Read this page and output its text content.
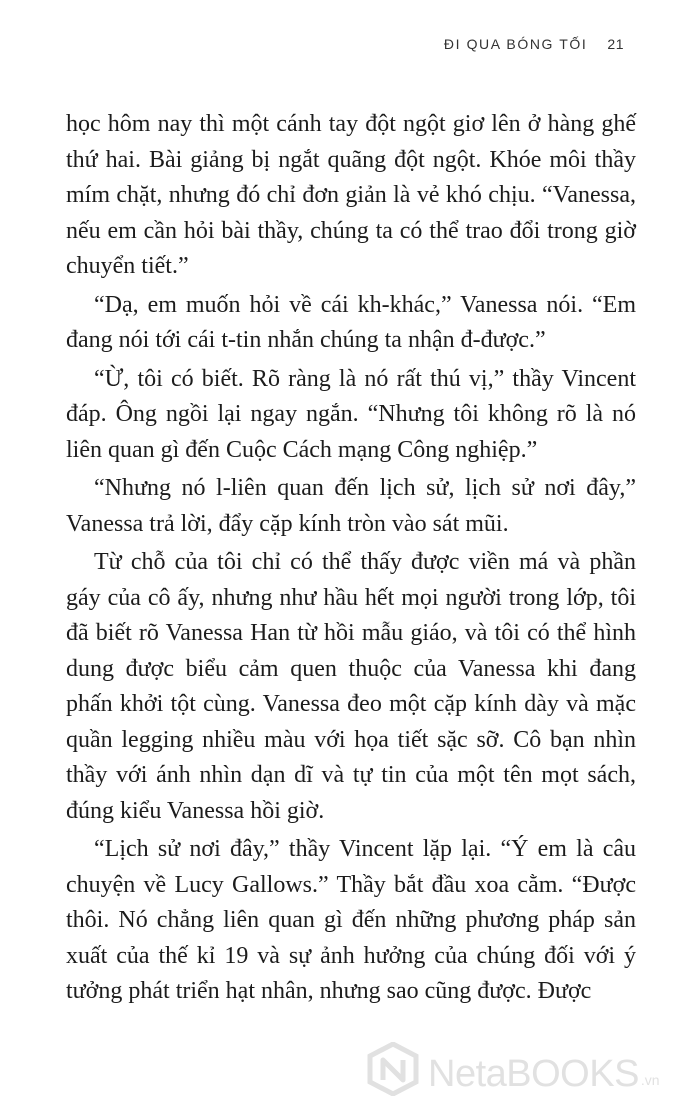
ĐI QUA BÓNG TỐI 21

học hôm nay thì một cánh tay đột ngột giơ lên ở hàng ghế thứ hai. Bài giảng bị ngắt quãng đột ngột. Khóe môi thầy mím chặt, nhưng đó chỉ đơn giản là vẻ khó chịu. “Vanessa, nếu em cần hỏi bài thầy, chúng ta có thể trao đổi trong giờ chuyển tiết.”

“Dạ, em muốn hỏi về cái kh-khác,” Vanessa nói. “Em đang nói tới cái t-tin nhắn chúng ta nhận đ-được.”

“Ừ, tôi có biết. Rõ ràng là nó rất thú vị,” thầy Vincent đáp. Ông ngồi lại ngay ngắn. “Nhưng tôi không rõ là nó liên quan gì đến Cuộc Cách mạng Công nghiệp.”

“Nhưng nó l-liên quan đến lịch sử, lịch sử nơi đây,” Vanessa trả lời, đẩy cặp kính tròn vào sát mũi.

Từ chỗ của tôi chỉ có thể thấy được viền má và phần gáy của cô ấy, nhưng như hầu hết mọi người trong lớp, tôi đã biết rõ Vanessa Han từ hồi mẫu giáo, và tôi có thể hình dung được biểu cảm quen thuộc của Vanessa khi đang phấn khởi tột cùng. Vanessa đeo một cặp kính dày và mặc quần legging nhiều màu với họa tiết sặc sỡ. Cô bạn nhìn thầy với ánh nhìn dạn dĩ và tự tin của một tên mọt sách, đúng kiểu Vanessa hồi giờ.

“Lịch sử nơi đây,” thầy Vincent lặp lại. “Ý em là câu chuyện về Lucy Gallows.” Thầy bắt đầu xoa cằm. “Được thôi. Nó chẳng liên quan gì đến những phương pháp sản xuất của thế kỉ 19 và sự ảnh hưởng của chúng đối với ý tưởng phát triển hạt nhân, nhưng sao cũng được. Được

NetaBOOKS .vn
